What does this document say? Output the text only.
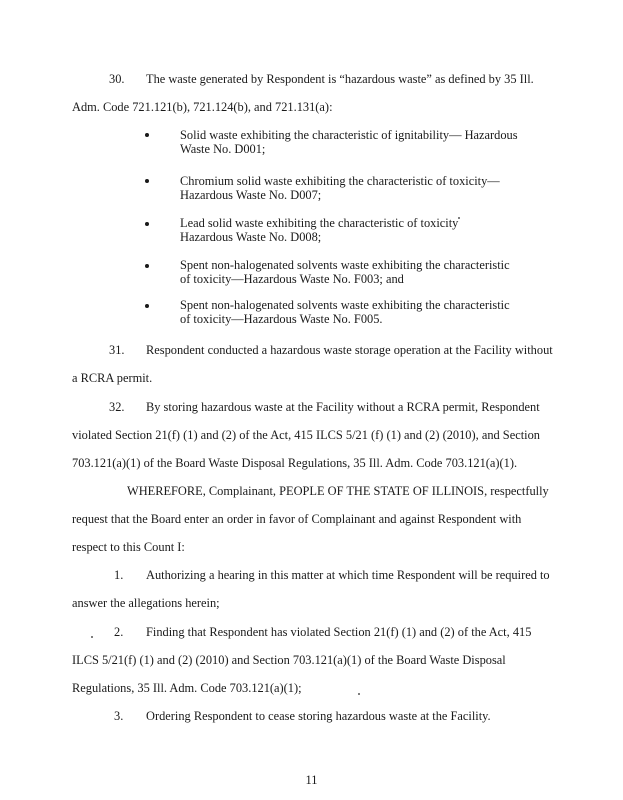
30. The waste generated by Respondent is “hazardous waste” as defined by 35 Ill.
Adm. Code 721.121(b), 721.124(b), and 721.131(a):
Solid waste exhibiting the characteristic of ignitability— Hazardous
Waste No. D001;
Chromium solid waste exhibiting the characteristic of toxicity—
Hazardous Waste No. D007;
Lead solid waste exhibiting the characteristic of toxicity
Hazardous Waste No. D008;
Spent non-halogenated solvents waste exhibiting the characteristic
of toxicity—Hazardous Waste No. F003; and
Spent non-halogenated solvents waste exhibiting the characteristic
of toxicity—Hazardous Waste No. F005.
31. Respondent conducted a hazardous waste storage operation at the Facility without
a RCRA permit.
32. By storing hazardous waste at the Facility without a RCRA permit, Respondent
violated Section 21(f) (1) and (2) of the Act, 415 ILCS 5/21 (f) (1) and (2) (2010), and Section
703.121(a)(1) of the Board Waste Disposal Regulations, 35 Ill. Adm. Code 703.121(a)(1).
WHEREFORE, Complainant, PEOPLE OF THE STATE OF ILLINOIS, respectfully
request that the Board enter an order in favor of Complainant and against Respondent with
respect to this Count I:
1. Authorizing a hearing in this matter at which time Respondent will be required to
answer the allegations herein;
2. Finding that Respondent has violated Section 21(f) (1) and (2) of the Act, 415
ILCS 5/21(f) (1) and (2) (2010) and Section 703.121(a)(1) of the Board Waste Disposal
Regulations, 35 Ill. Adm. Code 703.121(a)(1);
3. Ordering Respondent to cease storing hazardous waste at the Facility.
11
